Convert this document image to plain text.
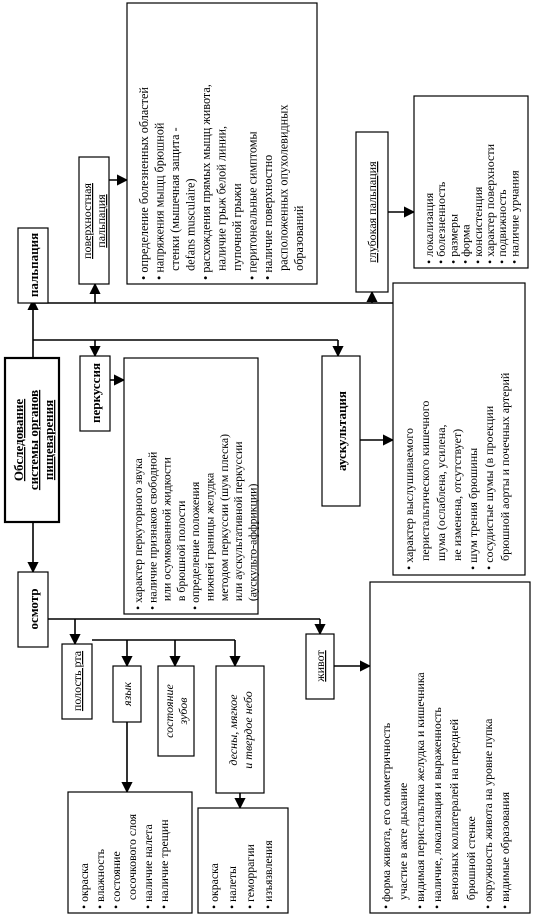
Обследование системы органов пищеварения
пальпация
поверхностная пальпация • определение болезненных областей • напряжения мыщц брюшной стенки (мышечная защита - defans musculaire) • расхождения прямых мыщц живота, наличие грыж белой линии, пупочной грыжи • перитонеальные симптомы • наличие поверхностно расположенных опухолевидных образований	глубокая пальпация	• локализация
• болезненность
• размеры
• форма
• консистенция
• характер поверхности
• подвижность
• наличие урчания
перкуссия
• характер перкуторного звука • наличие признаков свободной или осумкованной жидкости в брюшной полости • определение положения нижней границы желудка методом перкуссии (шум плеска) или аускультативной перкуссии (аускульто-аффрикции)
аускультация	• характер выслушиваемого перистальтического кишечного шума (ослаблена, усилена, не изменена, отсутствует) • шум трения брюшины • сосудистые шумы (в проекции брюшной аорты и почечных артерий
осмотр
полость рта	язык состояние зубов	десны, мягкое и твердое небо
• окраска • влажность • состояние сосочкового слоя • наличие налета • наличие трещин	• окраска • налеты • геморрагии • изъязвления
живот
• форма живота, его симметричность участие в акте дыхание • видимая перистальтика желудка и кишечника • наличие, локализация и выраженность венозных коллатералей на передней брюшной стенке • окружность живота на уровне пупка • видимые образования
